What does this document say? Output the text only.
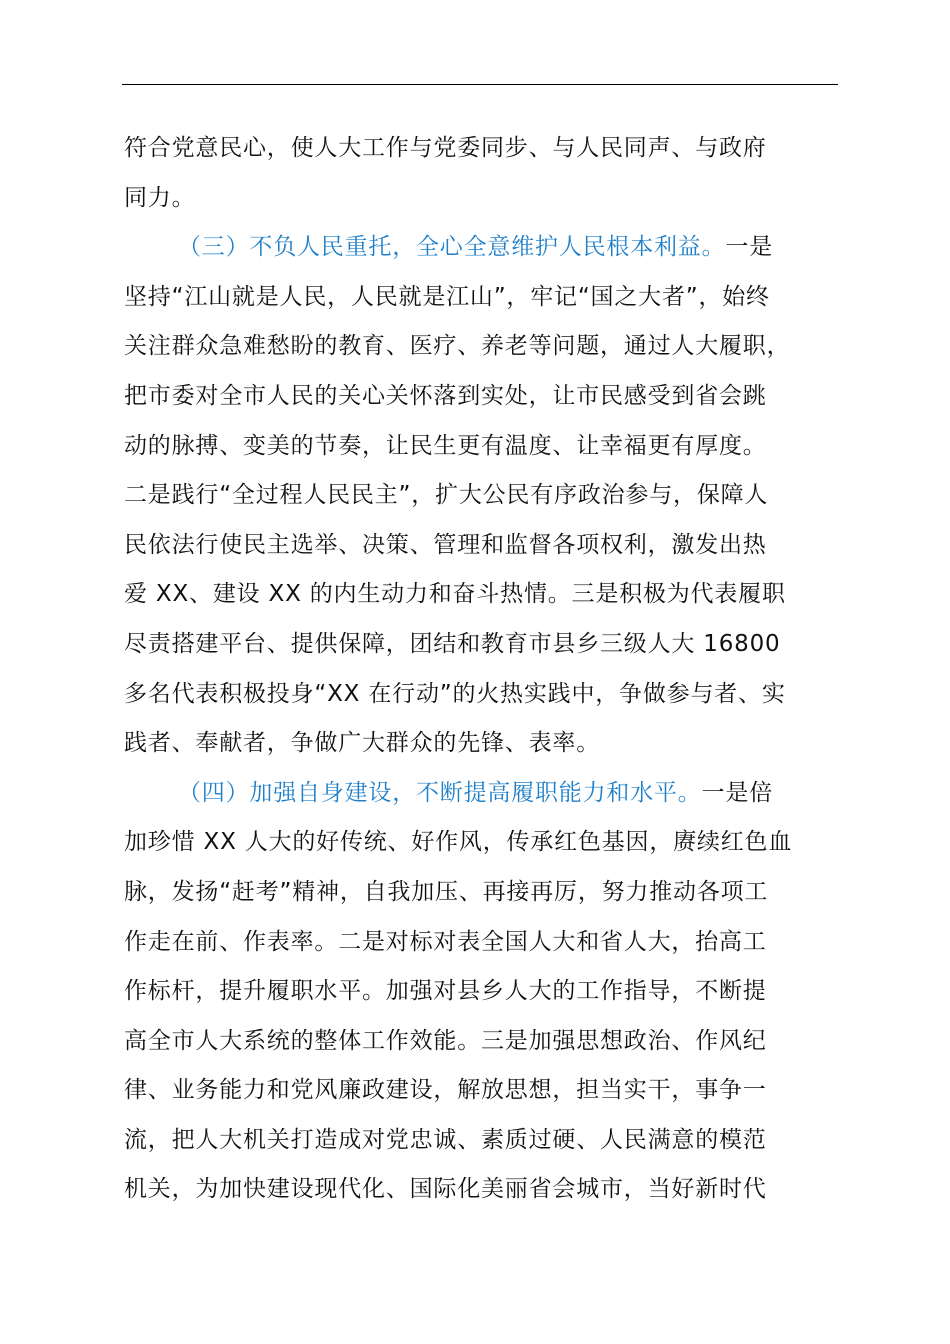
符合党意民心，使人大工作与党委同步、与人民同声、与政府
同力。
（三）不负人民重托，全心全意维护人民根本利益。一是
坚持“江山就是人民，人民就是江山”，牢记“国之大者”，始终
关注群众急难愁盼的教育、医疗、养老等问题，通过人大履职，
把市委对全市人民的关心关怀落到实处，让市民感受到省会跳
动的脉搏、变美的节奏，让民生更有温度、让幸福更有厚度。
二是践行“全过程人民民主”，扩大公民有序政治参与，保障人
民依法行使民主选举、决策、管理和监督各项权利，激发出热
爱 XX、建设 XX 的内生动力和奋斗热情。三是积极为代表履职
尽责搭建平台、提供保障，团结和教育市县乡三级人大 16800
多名代表积极投身“XX 在行动”的火热实践中，争做参与者、实
践者、奉献者，争做广大群众的先锋、表率。
（四）加强自身建设，不断提高履职能力和水平。一是倍
加珍惜 XX 人大的好传统、好作风，传承红色基因，赓续红色血
脉，发扬“赶考”精神，自我加压、再接再厉，努力推动各项工
作走在前、作表率。二是对标对表全国人大和省人大，抬高工
作标杆，提升履职水平。加强对县乡人大的工作指导，不断提
高全市人大系统的整体工作效能。三是加强思想政治、作风纪
律、业务能力和党风廉政建设，解放思想，担当实干，事争一
流，把人大机关打造成对党忠诚、素质过硬、人民满意的模范
机关，为加快建设现代化、国际化美丽省会城市，当好新时代
